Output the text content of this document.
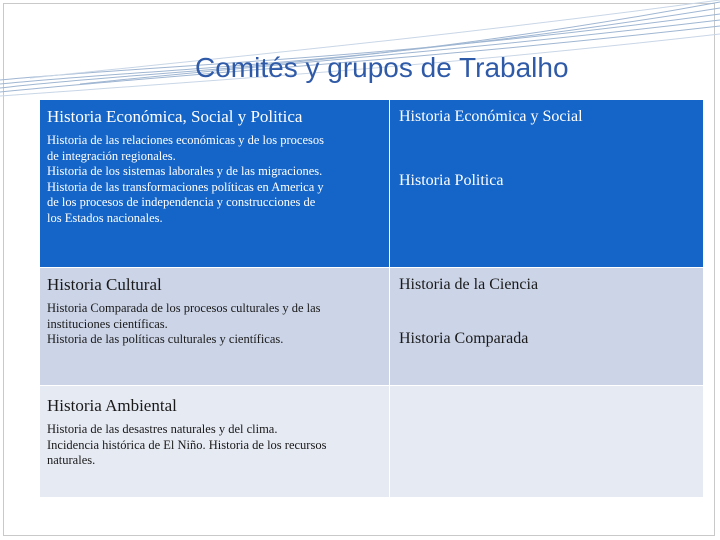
Comités y grupos de Trabalho
Historia Económica, Social y Politica
Historia de las relaciones económicas y de los procesos
de integración regionales.
Historia de los sistemas laborales y de las migraciones.
Historia de las transformaciones políticas en America y
de los procesos de independencia y construcciones de
los Estados nacionales.
Historia Económica y Social
Historia Politica
Historia Cultural
Historia Comparada de los procesos culturales y de las
instituciones científicas.
Historia de las políticas culturales y científicas.
Historia de la Ciencia
Historia Comparada
Historia Ambiental
Historia de las desastres naturales y del clima.
Incidencia histórica de El Niño. Historia de los recursos
naturales.
